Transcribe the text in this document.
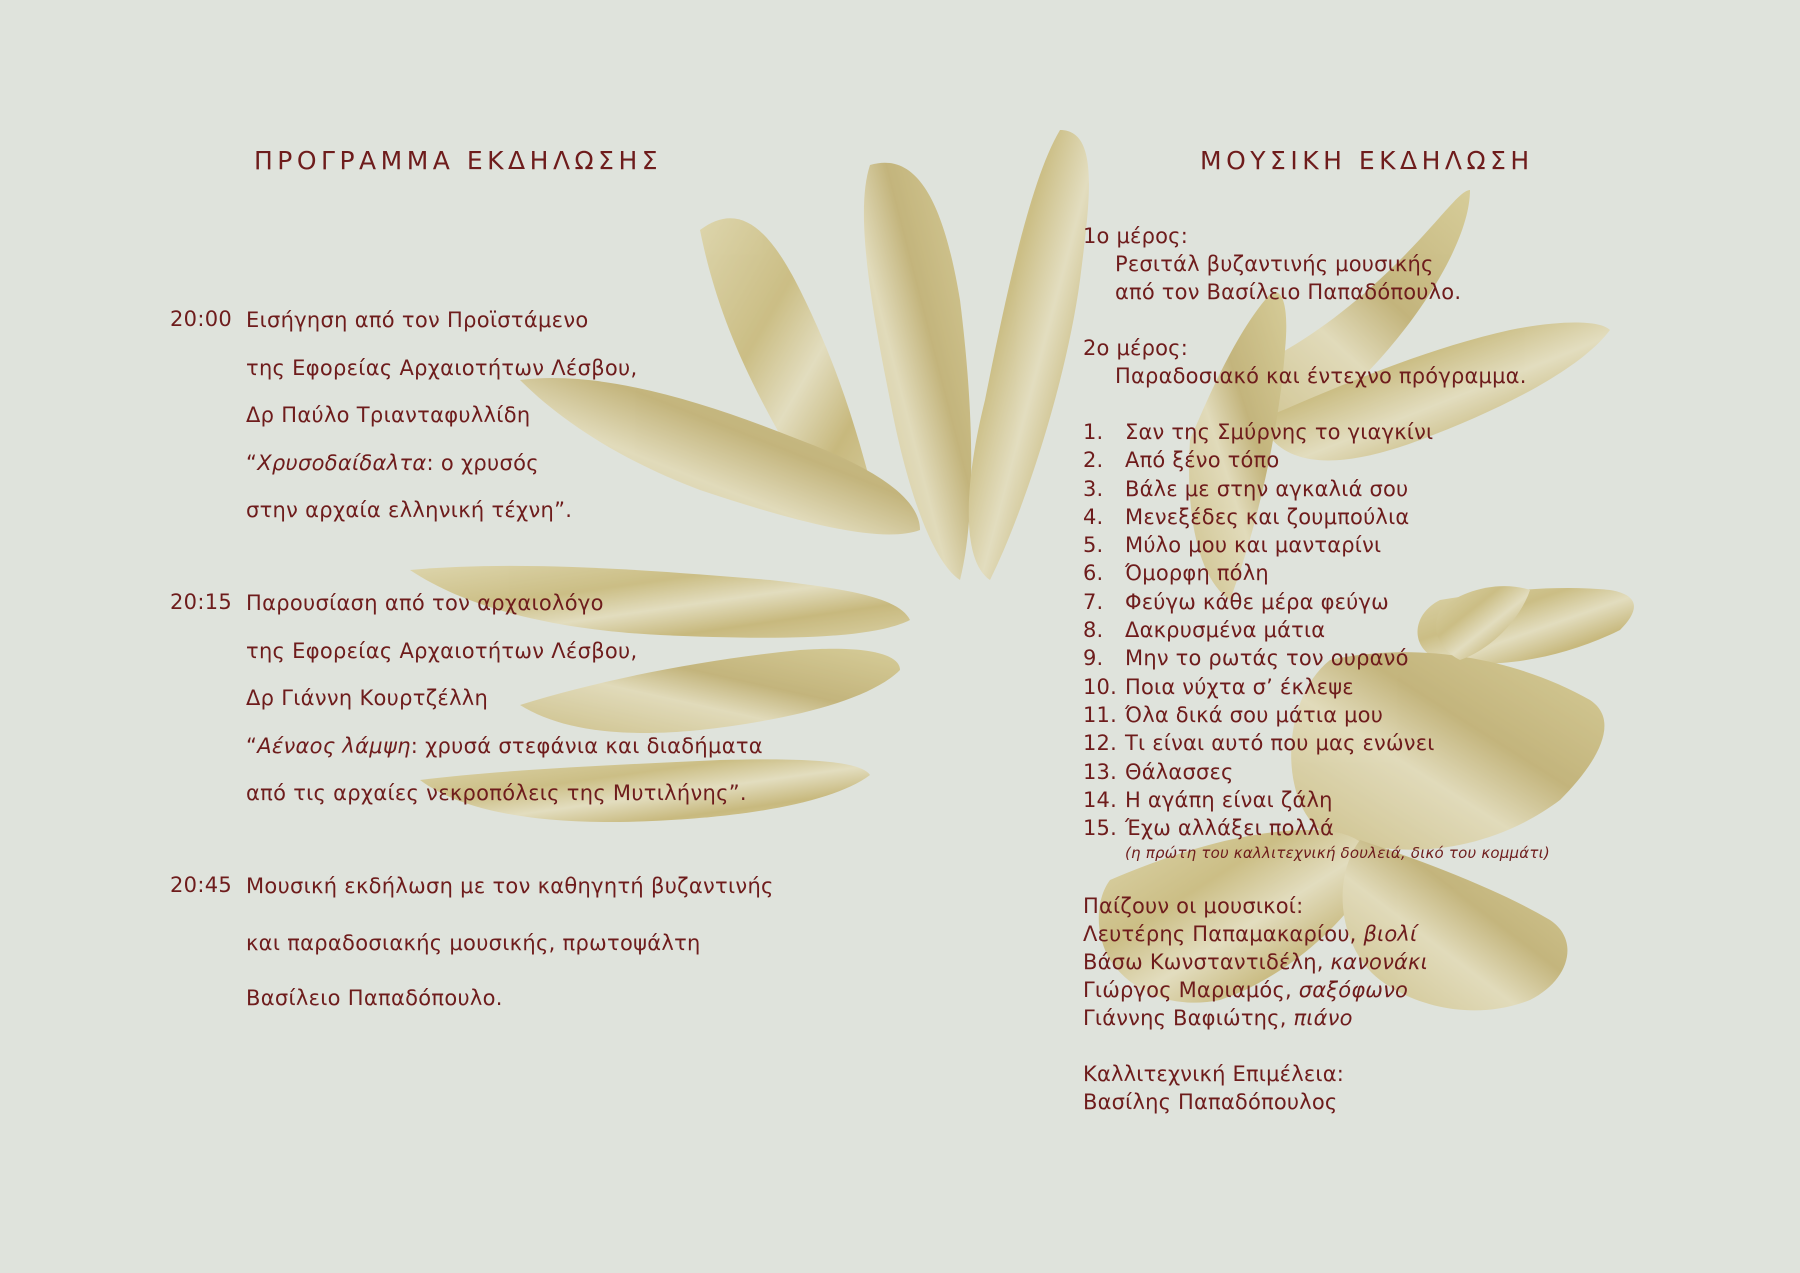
ΠΡΟΓΡΑΜΜΑ ΕΚΔΗΛΩΣΗΣ
20:00 Εισήγηση από τον Προϊστάμενο
της Εφορείας Αρχαιοτήτων Λέσβου,
Δρ Παύλο Τριανταφυλλίδη
“Χρυσοδαίδαλτα: ο χρυσός
στην αρχαία ελληνική τέχνη”.
20:15 Παρουσίαση από τον αρχαιολόγο
της Εφορείας Αρχαιοτήτων Λέσβου,
Δρ Γιάννη Κουρτζέλλη
“Αέναος λάμψη: χρυσά στεφάνια και διαδήματα
από τις αρχαίες νεκροπόλεις της Μυτιλήνης”.
20:45 Μουσική εκδήλωση με τον καθηγητή βυζαντινής
και παραδοσιακής μουσικής, πρωτοψάλτη
Βασίλειο Παπαδόπουλο.
ΜΟΥΣΙΚΗ ΕΚΔΗΛΩΣΗ
1ο μέρος:
Ρεσιτάλ βυζαντινής μουσικής
από τον Βασίλειο Παπαδόπουλο.
2ο μέρος:
Παραδοσιακό και έντεχνο πρόγραμμα.
1. Σαν της Σμύρνης το γιαγκίνι
2. Από ξένο τόπο
3. Βάλε με στην αγκαλιά σου
4. Μενεξέδες και ζουμπούλια
5. Μύλο μου και μανταρίνι
6. Όμορφη πόλη
7. Φεύγω κάθε μέρα φεύγω
8. Δακρυσμένα μάτια
9. Μην το ρωτάς τον ουρανό
10. Ποια νύχτα σ’ έκλεψε
11. Όλα δικά σου μάτια μου
12. Τι είναι αυτό που μας ενώνει
13. Θάλασσες
14. Η αγάπη είναι ζάλη
15. Έχω αλλάξει πολλά
(η πρώτη του καλλιτεχνική δουλειά, δικό του κομμάτι)
Παίζουν οι μουσικοί:
Λευτέρης Παπαμακαρίου, βιολί
Βάσω Κωνσταντιδέλη, κανονάκι
Γιώργος Μαριαμός, σαξόφωνο
Γιάννης Βαφιώτης, πιάνο
Καλλιτεχνική Επιμέλεια:
Βασίλης Παπαδόπουλος
